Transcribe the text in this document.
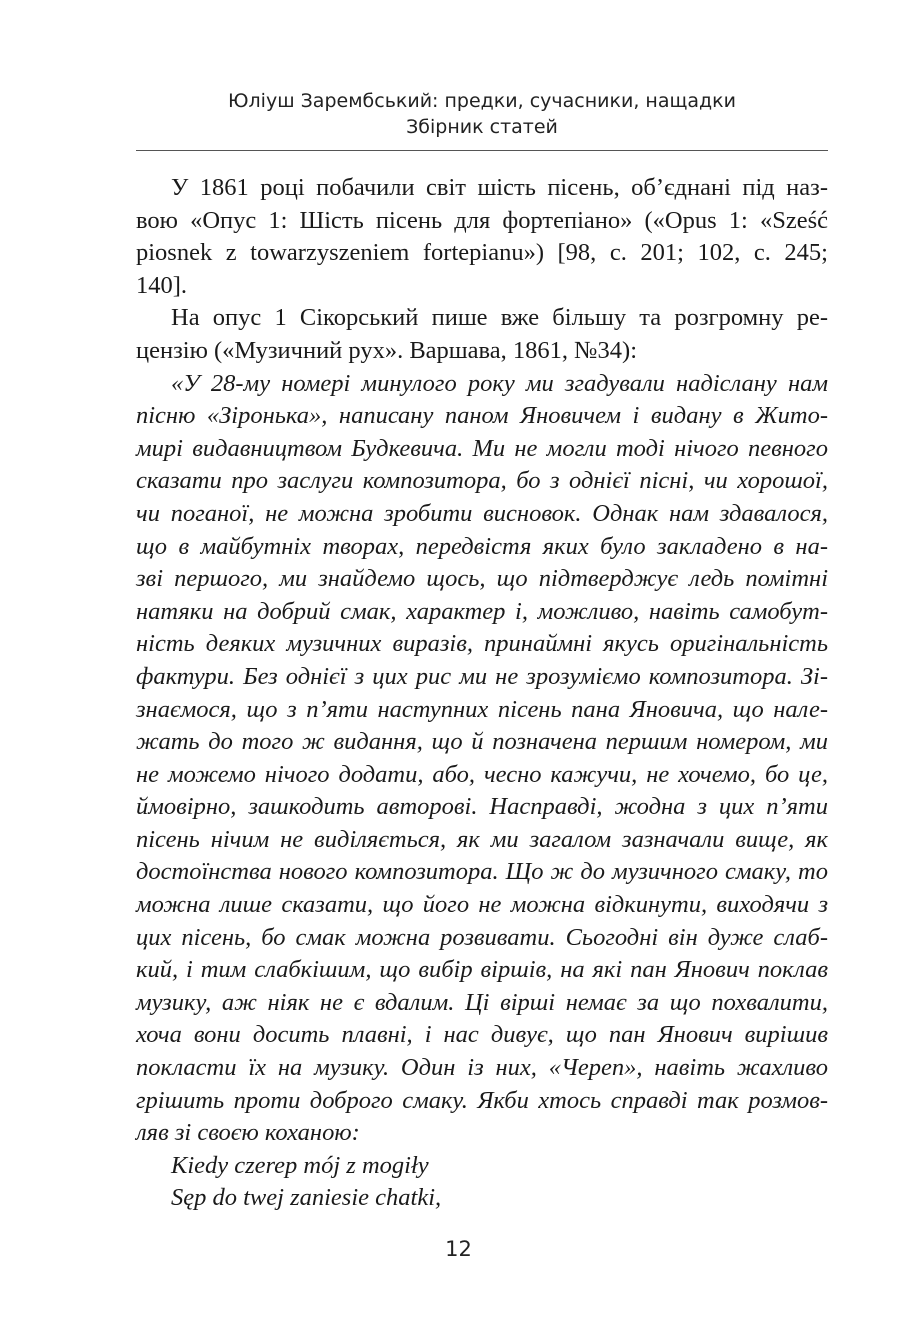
Юліуш Зарембський: предки, сучасники, нащадки
Збірник статей
У 1861 році побачили світ шість пісень, об’єднані під наз-
вою «Опус 1: Шість пісень для фортепіано» («Opus 1: «Sześć
piosnek z towarzyszeniem fortepianu») [98, с. 201; 102, с. 245;
140].
На опус 1 Сікорський пише вже більшу та розгромну ре-
цензію («Музичний рух». Варшава, 1861, №34):
«У 28-му номері минулого року ми згадували надіслану нам
пісню «Зіронька», написану паном Яновичем і видану в Жито-
мирі видавництвом Будкевича. Ми не могли тоді нічого певного
сказати про заслуги композитора, бо з однієї пісні, чи хорошої,
чи поганої, не можна зробити висновок. Однак нам здавалося,
що в майбутніх творах, передвістя яких було закладено в на-
зві першого, ми знайдемо щось, що підтверджує ледь помітні
натяки на добрий смак, характер і, можливо, навіть самобут-
ність деяких музичних виразів, принаймні якусь оригінальність
фактури. Без однієї з цих рис ми не зрозуміємо композитора. Зі-
знаємося, що з п’яти наступних пісень пана Яновича, що нале-
жать до того ж видання, що й позначена першим номером, ми
не можемо нічого додати, або, чесно кажучи, не хочемо, бо це,
ймовірно, зашкодить авторові. Насправді, жодна з цих п’яти
пісень нічим не виділяється, як ми загалом зазначали вище, як
достоїнства нового композитора. Що ж до музичного смаку, то
можна лише сказати, що його не можна відкинути, виходячи з
цих пісень, бо смак можна розвивати. Сьогодні він дуже слаб-
кий, і тим слабкішим, що вибір віршів, на які пан Янович поклав
музику, аж ніяк не є вдалим. Ці вірші немає за що похвалити,
хоча вони досить плавні, і нас дивує, що пан Янович вирішив
покласти їх на музику. Один із них, «Череп», навіть жахливо
грішить проти доброго смаку. Якби хтось справді так розмов-
ляв зі своєю коханою:
Kiedy czerep mój z mogiły
Sęp do twej zaniesie chatki,
12
